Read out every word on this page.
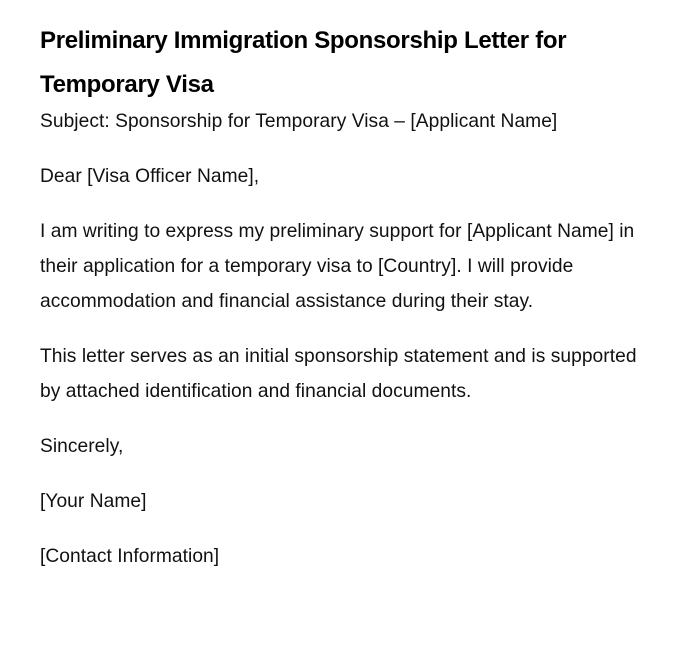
Preliminary Immigration Sponsorship Letter for Temporary Visa

Subject: Sponsorship for Temporary Visa – [Applicant Name]

Dear [Visa Officer Name],

I am writing to express my preliminary support for [Applicant Name] in their application for a temporary visa to [Country]. I will provide accommodation and financial assistance during their stay.

This letter serves as an initial sponsorship statement and is supported by attached identification and financial documents.

Sincerely,

[Your Name]

[Contact Information]
